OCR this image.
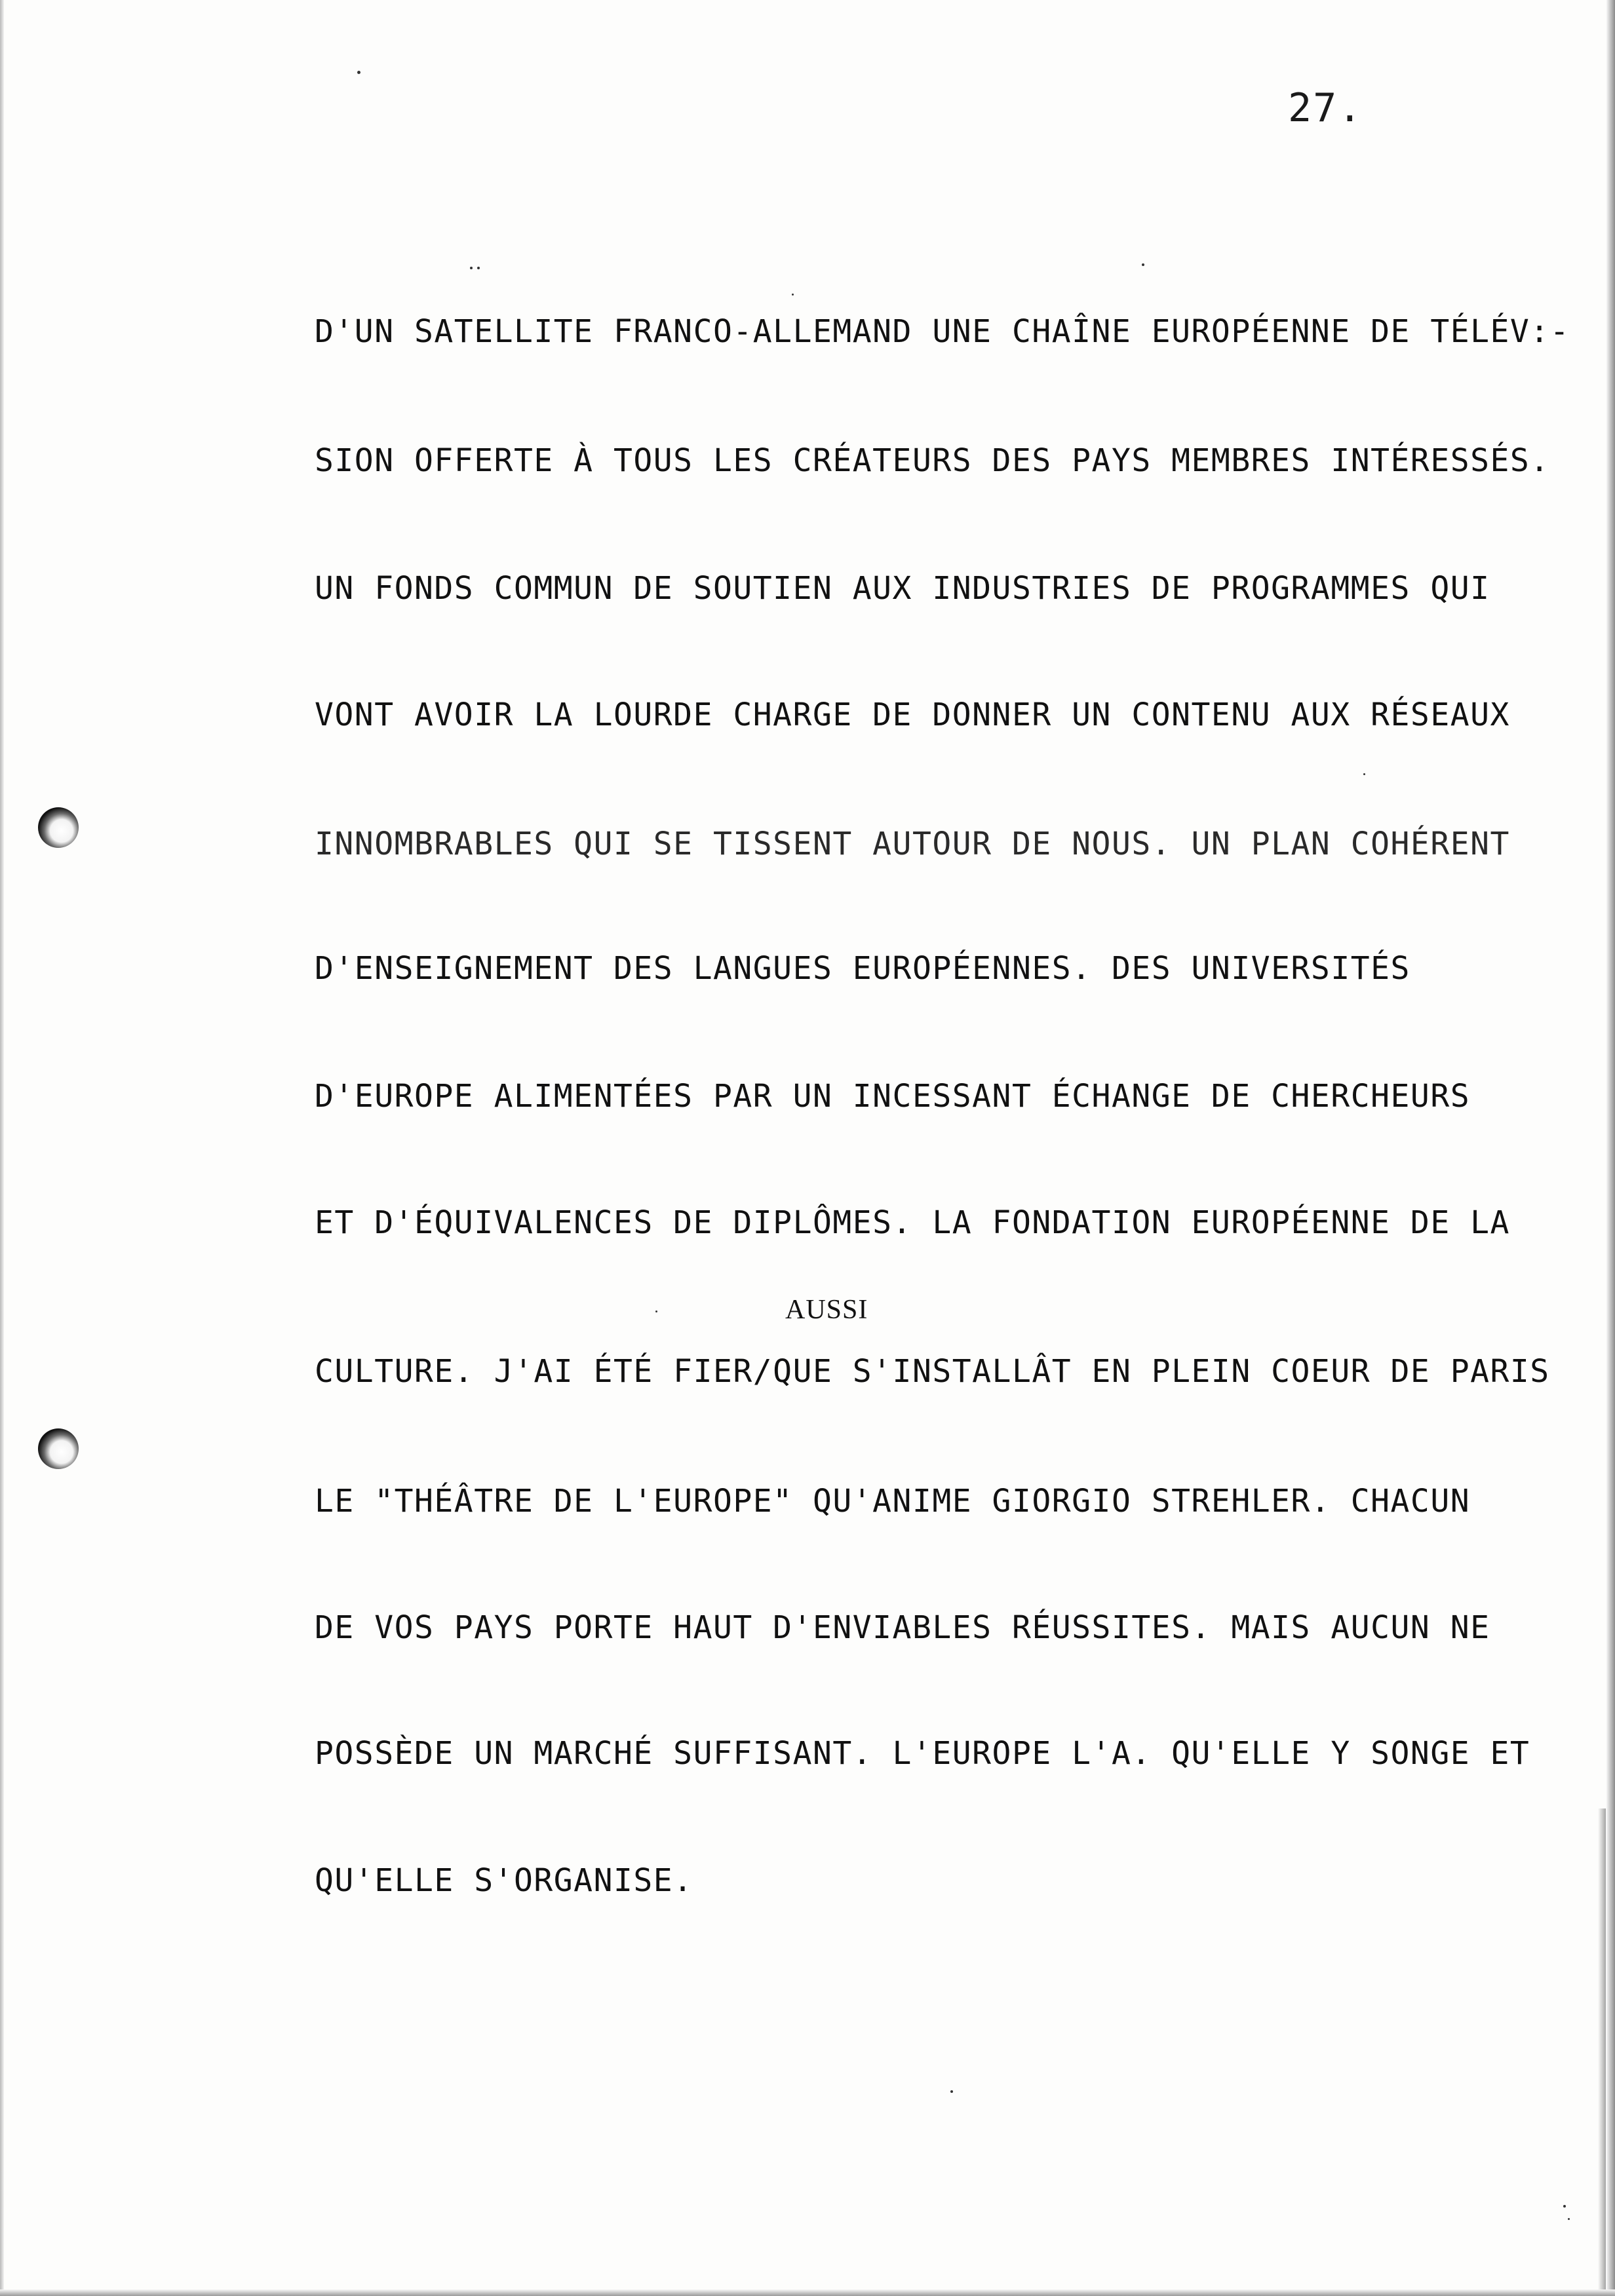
27.
D'UN SATELLITE FRANCO-ALLEMAND UNE CHAÎNE EUROPÉENNE DE TÉLÉV:-
SION OFFERTE À TOUS LES CRÉATEURS DES PAYS MEMBRES INTÉRESSÉS.
UN FONDS COMMUN DE SOUTIEN AUX INDUSTRIES DE PROGRAMMES QUI
VONT AVOIR LA LOURDE CHARGE DE DONNER UN CONTENU AUX RÉSEAUX
INNOMBRABLES QUI SE TISSENT AUTOUR DE NOUS. UN PLAN COHÉRENT
D'ENSEIGNEMENT DES LANGUES EUROPÉENNES. DES UNIVERSITÉS
D'EUROPE ALIMENTÉES PAR UN INCESSANT ÉCHANGE DE CHERCHEURS
ET D'ÉQUIVALENCES DE DIPLÔMES. LA FONDATION EUROPÉENNE DE LA
AUSSI
CULTURE. J'AI ÉTÉ FIER/QUE S'INSTALLÂT EN PLEIN COEUR DE PARIS
LE "THÉÂTRE DE L'EUROPE" QU'ANIME GIORGIO STREHLER. CHACUN
DE VOS PAYS PORTE HAUT D'ENVIABLES RÉUSSITES. MAIS AUCUN NE
POSSÈDE UN MARCHÉ SUFFISANT. L'EUROPE L'A. QU'ELLE Y SONGE ET
QU'ELLE S'ORGANISE.
